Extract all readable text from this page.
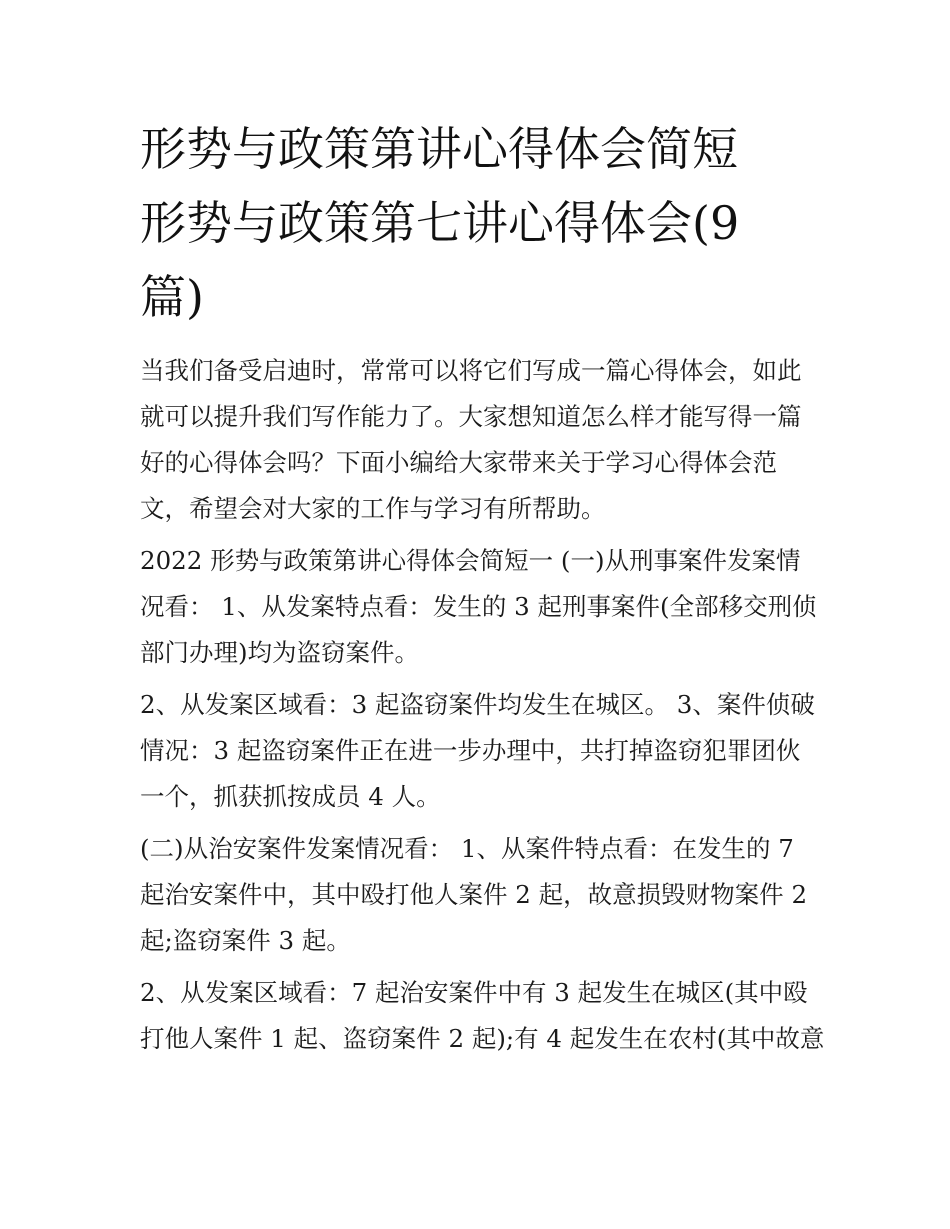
形势与政策第讲心得体会简短
形势与政策第七讲心得体会(9
篇)

当我们备受启迪时，常常可以将它们写成一篇心得体会，如此
就可以提升我们写作能力了。大家想知道怎么样才能写得一篇
好的心得体会吗？下面小编给大家带来关于学习心得体会范
文，希望会对大家的工作与学习有所帮助。

2022 形势与政策第讲心得体会简短一 (一)从刑事案件发案情
况看： 1、从发案特点看：发生的 3 起刑事案件(全部移交刑侦
部门办理)均为盗窃案件。

2、从发案区域看：3 起盗窃案件均发生在城区。 3、案件侦破
情况：3 起盗窃案件正在进一步办理中，共打掉盗窃犯罪团伙
一个，抓获抓按成员 4 人。

(二)从治安案件发案情况看： 1、从案件特点看：在发生的 7
起治安案件中，其中殴打他人案件 2 起，故意损毁财物案件 2
起;盗窃案件 3 起。

2、从发案区域看：7 起治安案件中有 3 起发生在城区(其中殴
打他人案件 1 起、盗窃案件 2 起);有 4 起发生在农村(其中故意
